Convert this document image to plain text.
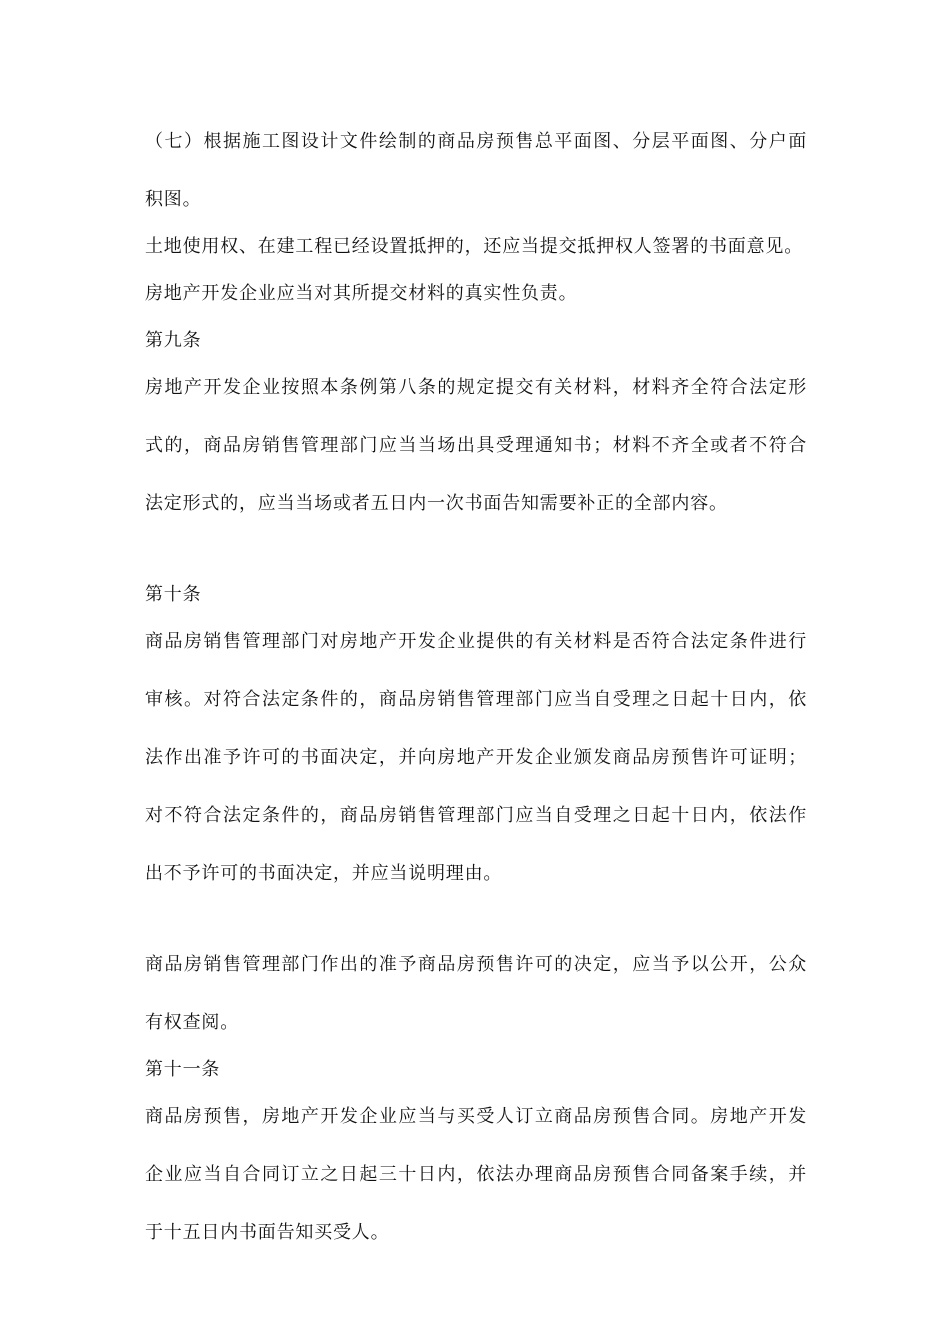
（七）根据施工图设计文件绘制的商品房预售总平面图、分层平面图、分户面

积图。

土地使用权、在建工程已经设置抵押的，还应当提交抵押权人签署的书面意见。

房地产开发企业应当对其所提交材料的真实性负责。

第九条

房地产开发企业按照本条例第八条的规定提交有关材料，材料齐全符合法定形

式的，商品房销售管理部门应当当场出具受理通知书；材料不齐全或者不符合

法定形式的，应当当场或者五日内一次书面告知需要补正的全部内容。

第十条

商品房销售管理部门对房地产开发企业提供的有关材料是否符合法定条件进行

审核。对符合法定条件的，商品房销售管理部门应当自受理之日起十日内，依

法作出准予许可的书面决定，并向房地产开发企业颁发商品房预售许可证明；

对不符合法定条件的，商品房销售管理部门应当自受理之日起十日内，依法作

出不予许可的书面决定，并应当说明理由。

商品房销售管理部门作出的准予商品房预售许可的决定，应当予以公开，公众

有权查阅。

第十一条

商品房预售，房地产开发企业应当与买受人订立商品房预售合同。房地产开发

企业应当自合同订立之日起三十日内，依法办理商品房预售合同备案手续，并

于十五日内书面告知买受人。
